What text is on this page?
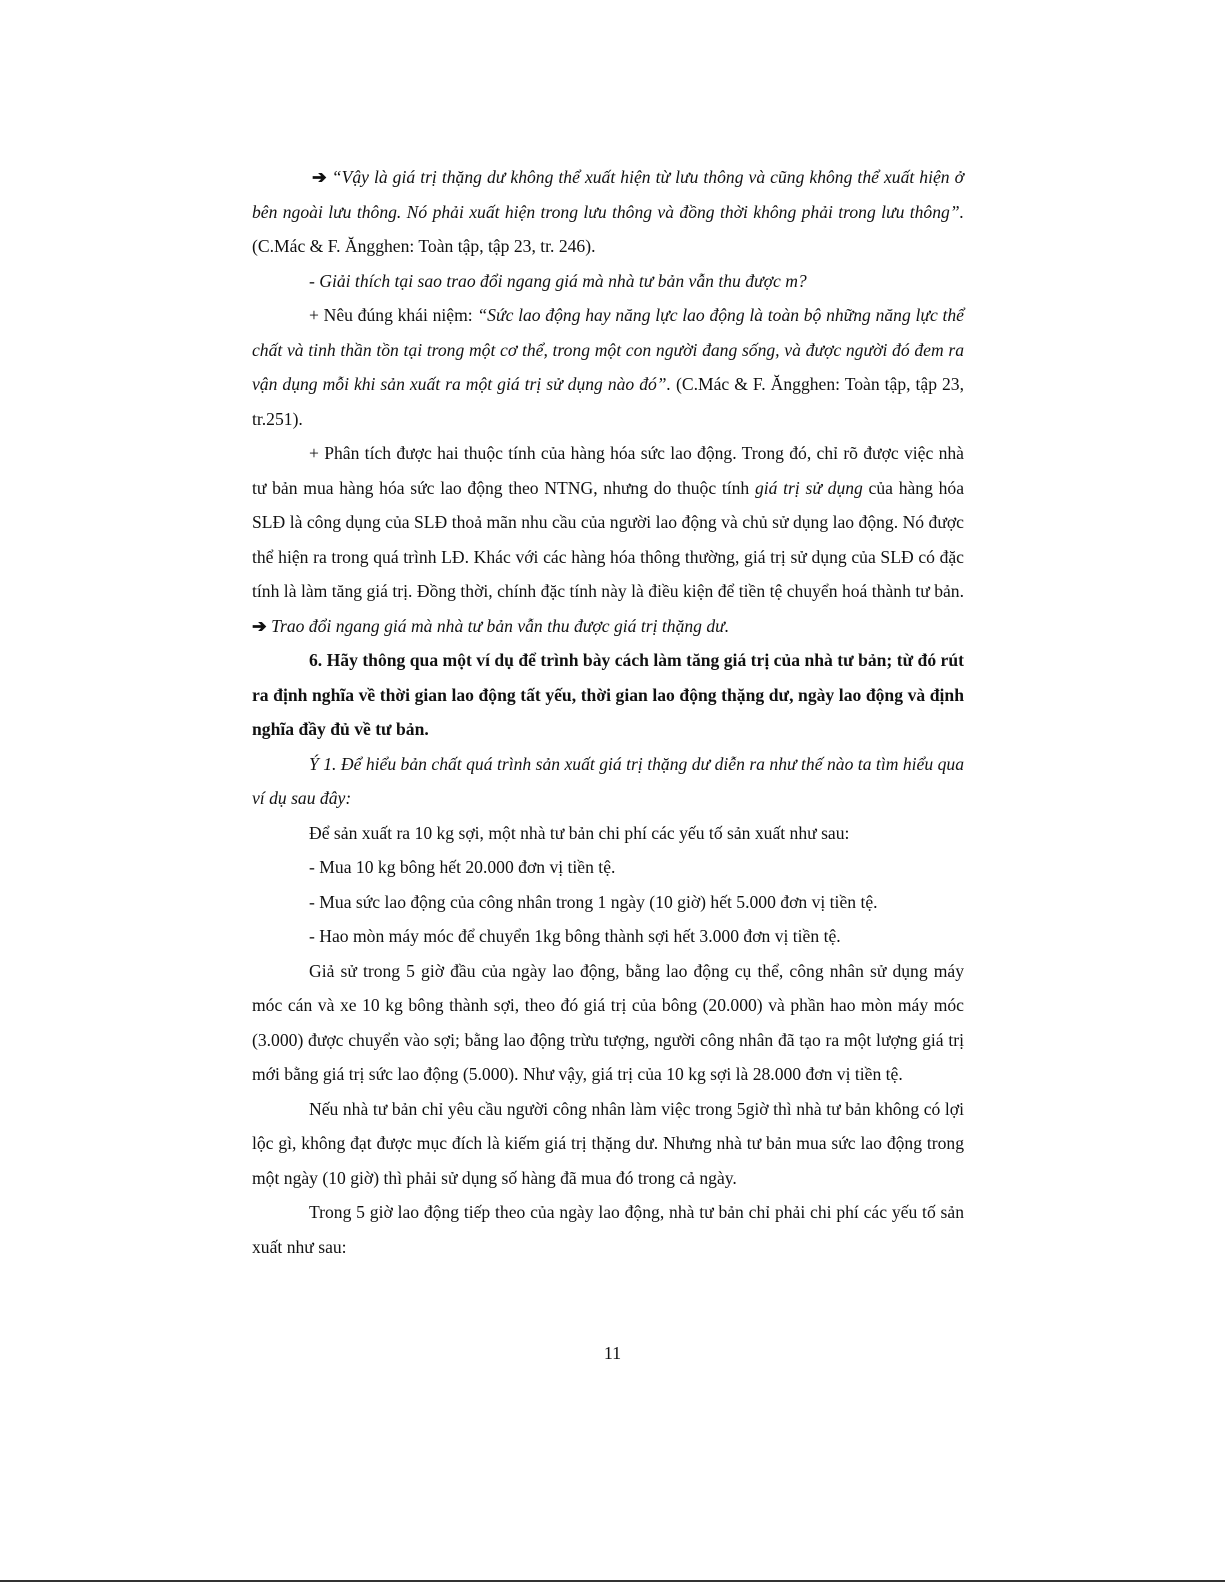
➔ “Vậy là giá trị thặng dư không thể xuất hiện từ lưu thông và cũng không thể xuất hiện ở bên ngoài lưu thông. Nó phải xuất hiện trong lưu thông và đồng thời không phải trong lưu thông”. (C.Mác & F. Ăngghen: Toàn tập, tập 23, tr. 246).

- Giải thích tại sao trao đổi ngang giá mà nhà tư bản vẫn thu được m?

+ Nêu đúng khái niệm: “Sức lao động hay năng lực lao động là toàn bộ những năng lực thể chất và tinh thần tồn tại trong một cơ thể, trong một con người đang sống, và được người đó đem ra vận dụng mỗi khi sản xuất ra một giá trị sử dụng nào đó”. (C.Mác & F. Ăngghen: Toàn tập, tập 23, tr.251).

+ Phân tích được hai thuộc tính của hàng hóa sức lao động. Trong đó, chỉ rõ được việc nhà tư bản mua hàng hóa sức lao động theo NTNG, nhưng do thuộc tính giá trị sử dụng của hàng hóa SLĐ là công dụng của SLĐ thoả mãn nhu cầu của người lao động và chủ sử dụng lao động. Nó được thể hiện ra trong quá trình LĐ. Khác với các hàng hóa thông thường, giá trị sử dụng của SLĐ có đặc tính là làm tăng giá trị. Đồng thời, chính đặc tính này là điều kiện để tiền tệ chuyển hoá thành tư bản. ➔ Trao đổi ngang giá mà nhà tư bản vẫn thu được giá trị thặng dư.

6. Hãy thông qua một ví dụ để trình bày cách làm tăng giá trị của nhà tư bản; từ đó rút ra định nghĩa về thời gian lao động tất yếu, thời gian lao động thặng dư, ngày lao động và định nghĩa đầy đủ về tư bản.

Ý 1. Để hiểu bản chất quá trình sản xuất giá trị thặng dư diễn ra như thế nào ta tìm hiểu qua ví dụ sau đây:

Để sản xuất ra 10 kg sợi, một nhà tư bản chi phí các yếu tố sản xuất như sau:

- Mua 10 kg bông hết 20.000 đơn vị tiền tệ.

- Mua sức lao động của công nhân trong 1 ngày (10 giờ) hết 5.000 đơn vị tiền tệ.

- Hao mòn máy móc để chuyển 1kg bông thành sợi hết 3.000 đơn vị tiền tệ.

Giả sử trong 5 giờ đầu của ngày lao động, bằng lao động cụ thể, công nhân sử dụng máy móc cán và xe 10 kg bông thành sợi, theo đó giá trị của bông (20.000) và phần hao mòn máy móc (3.000) được chuyển vào sợi; bằng lao động trừu tượng, người công nhân đã tạo ra một lượng giá trị mới bằng giá trị sức lao động (5.000). Như vậy, giá trị của 10 kg sợi là 28.000 đơn vị tiền tệ.

Nếu nhà tư bản chỉ yêu cầu người công nhân làm việc trong 5giờ thì nhà tư bản không có lợi lộc gì, không đạt được mục đích là kiếm giá trị thặng dư. Nhưng nhà tư bản mua sức lao động trong một ngày (10 giờ) thì phải sử dụng số hàng đã mua đó trong cả ngày.

Trong 5 giờ lao động tiếp theo của ngày lao động, nhà tư bản chỉ phải chi phí các yếu tố sản xuất như sau:

11
